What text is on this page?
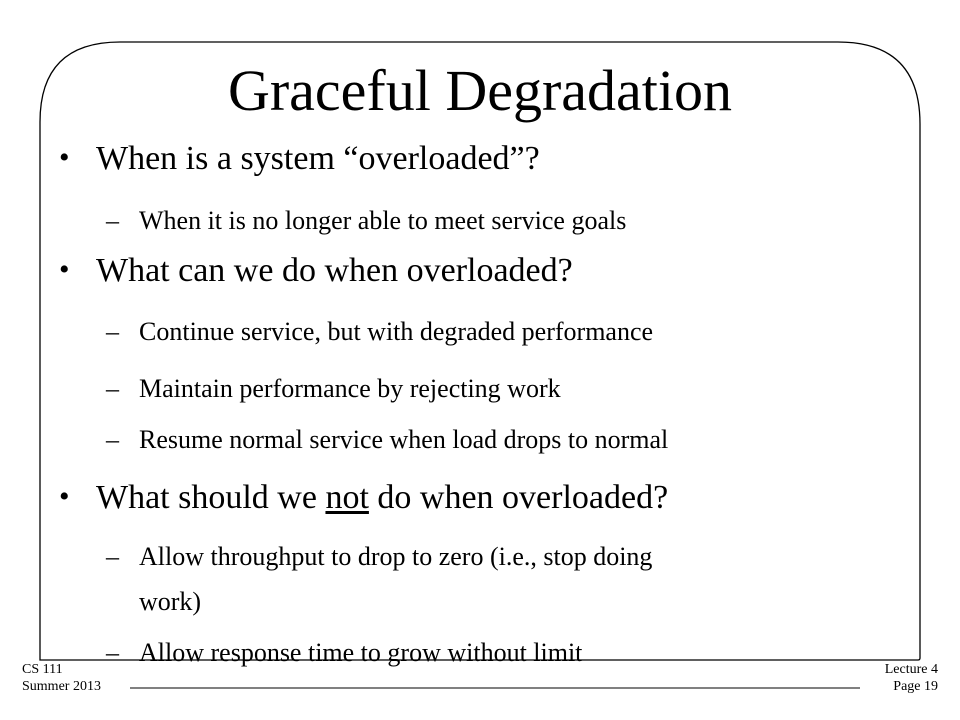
Graceful Degradation
• When is a system “overloaded”?
– When it is no longer able to meet service goals
• What can we do when overloaded?
– Continue service, but with degraded performance
– Maintain performance by rejecting work
– Resume normal service when load drops to normal
• What should we not do when overloaded?
– Allow throughput to drop to zero (i.e., stop doing
work)
– Allow response time to grow without limit
CS 111
Summer 2013
Lecture 4
Page 19
